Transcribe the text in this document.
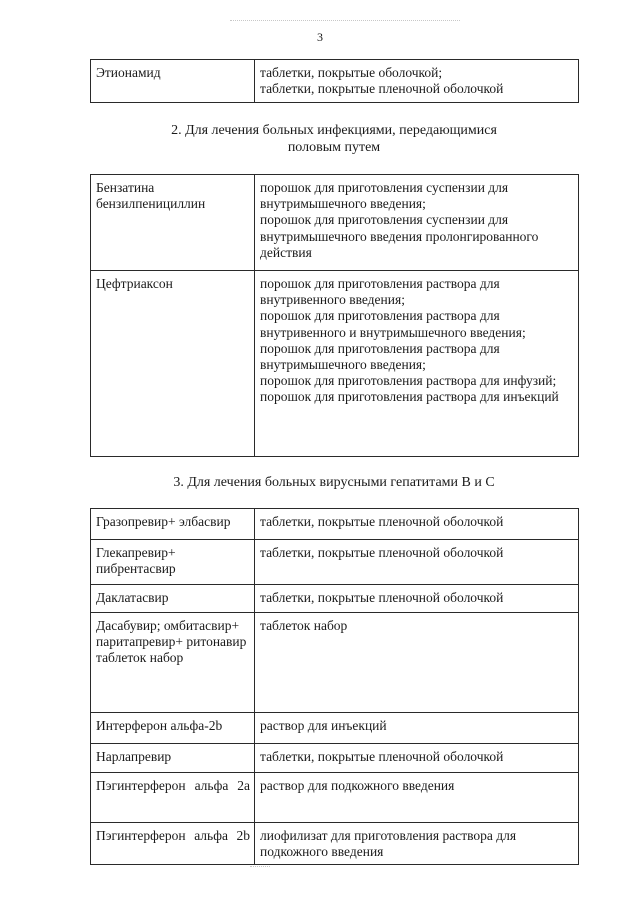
3
Этионамид	таблетки, покрытые оболочкой;
таблетки, покрытые пленочной оболочкой
2. Для лечения больных инфекциями, передающимися
половым путем
Бензатина бензилпенициллин	порошок для приготовления суспензии для внутримышечного введения;
порошок для приготовления суспензии для внутримышечного введения пролонгированного действия

Цефтриаксон	порошок для приготовления раствора для внутривенного введения;
порошок для приготовления раствора для внутривенного и внутримышечного введения;
порошок для приготовления раствора для внутримышечного введения;
порошок для приготовления раствора для инфузий;
порошок для приготовления раствора для инъекций
3. Для лечения больных вирусными гепатитами В и С
Гразопревир+ элбасвир	таблетки, покрытые пленочной оболочкой

Глекапревир+ пибрентасвир	таблетки, покрытые пленочной оболочкой

Даклатасвир	таблетки, покрытые пленочной оболочкой

Дасабувир; омбитасвир+ паритапревир+ ритонавир таблеток набор	таблеток набор

Интерферон альфа-2b	раствор для инъекций

Нарлапревир	таблетки, покрытые пленочной оболочкой

Пэгинтерферон альфа 2a	раствор для подкожного введения

Пэгинтерферон альфа 2b	лиофилизат для приготовления раствора для подкожного введения
